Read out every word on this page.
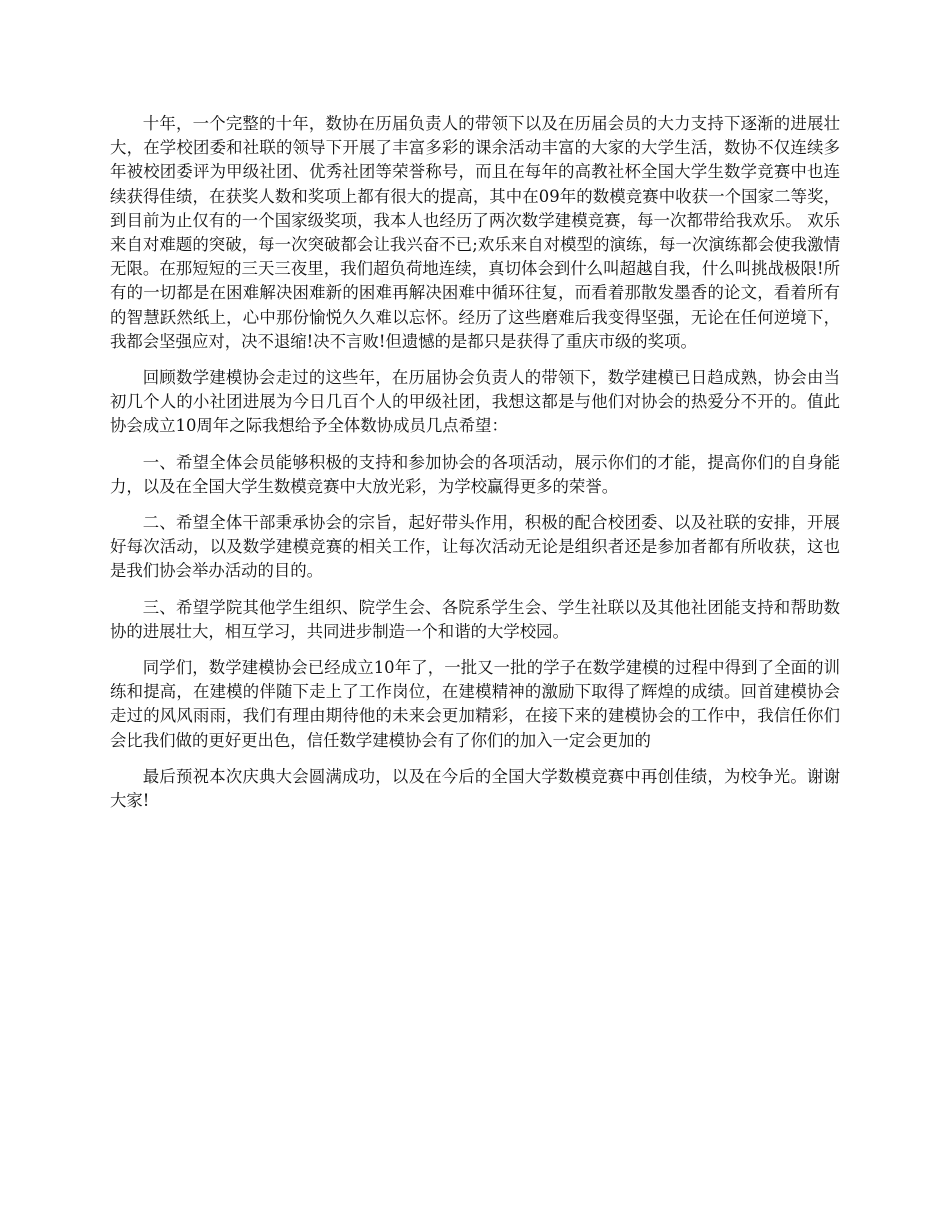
十年，一个完整的十年，数协在历届负责人的带领下以及在历届会员的大力支持下逐渐的进展壮大，在学校团委和社联的领导下开展了丰富多彩的课余活动丰富的大家的大学生活，数协不仅连续多年被校团委评为甲级社团、优秀社团等荣誉称号，而且在每年的高教社杯全国大学生数学竞赛中也连续获得佳绩，在获奖人数和奖项上都有很大的提高，其中在09年的数模竞赛中收获一个国家二等奖，到目前为止仅有的一个国家级奖项，我本人也经历了两次数学建模竞赛，每一次都带给我欢乐。 欢乐来自对难题的突破，每一次突破都会让我兴奋不已;欢乐来自对模型的演练，每一次演练都会使我激情无限。在那短短的三天三夜里，我们超负荷地连续，真切体会到什么叫超越自我，什么叫挑战极限!所有的一切都是在困难解决困难新的困难再解决困难中循环往复，而看着那散发墨香的论文，看着所有的智慧跃然纸上，心中那份愉悦久久难以忘怀。经历了这些磨难后我变得坚强，无论在任何逆境下，我都会坚强应对，决不退缩!决不言败!但遗憾的是都只是获得了重庆市级的奖项。

回顾数学建模协会走过的这些年，在历届协会负责人的带领下，数学建模已日趋成熟，协会由当初几个人的小社团进展为今日几百个人的甲级社团，我想这都是与他们对协会的热爱分不开的。值此协会成立10周年之际我想给予全体数协成员几点希望：

一、希望全体会员能够积极的支持和参加协会的各项活动，展示你们的才能，提高你们的自身能力，以及在全国大学生数模竞赛中大放光彩，为学校赢得更多的荣誉。

二、希望全体干部秉承协会的宗旨，起好带头作用，积极的配合校团委、以及社联的安排，开展好每次活动，以及数学建模竞赛的相关工作，让每次活动无论是组织者还是参加者都有所收获，这也是我们协会举办活动的目的。

三、希望学院其他学生组织、院学生会、各院系学生会、学生社联以及其他社团能支持和帮助数协的进展壮大，相互学习，共同进步制造一个和谐的大学校园。

同学们，数学建模协会已经成立10年了，一批又一批的学子在数学建模的过程中得到了全面的训练和提高，在建模的伴随下走上了工作岗位，在建模精神的激励下取得了辉煌的成绩。回首建模协会走过的风风雨雨，我们有理由期待他的未来会更加精彩，在接下来的建模协会的工作中，我信任你们会比我们做的更好更出色，信任数学建模协会有了你们的加入一定会更加的

最后预祝本次庆典大会圆满成功，以及在今后的全国大学数模竞赛中再创佳绩，为校争光。谢谢大家!
